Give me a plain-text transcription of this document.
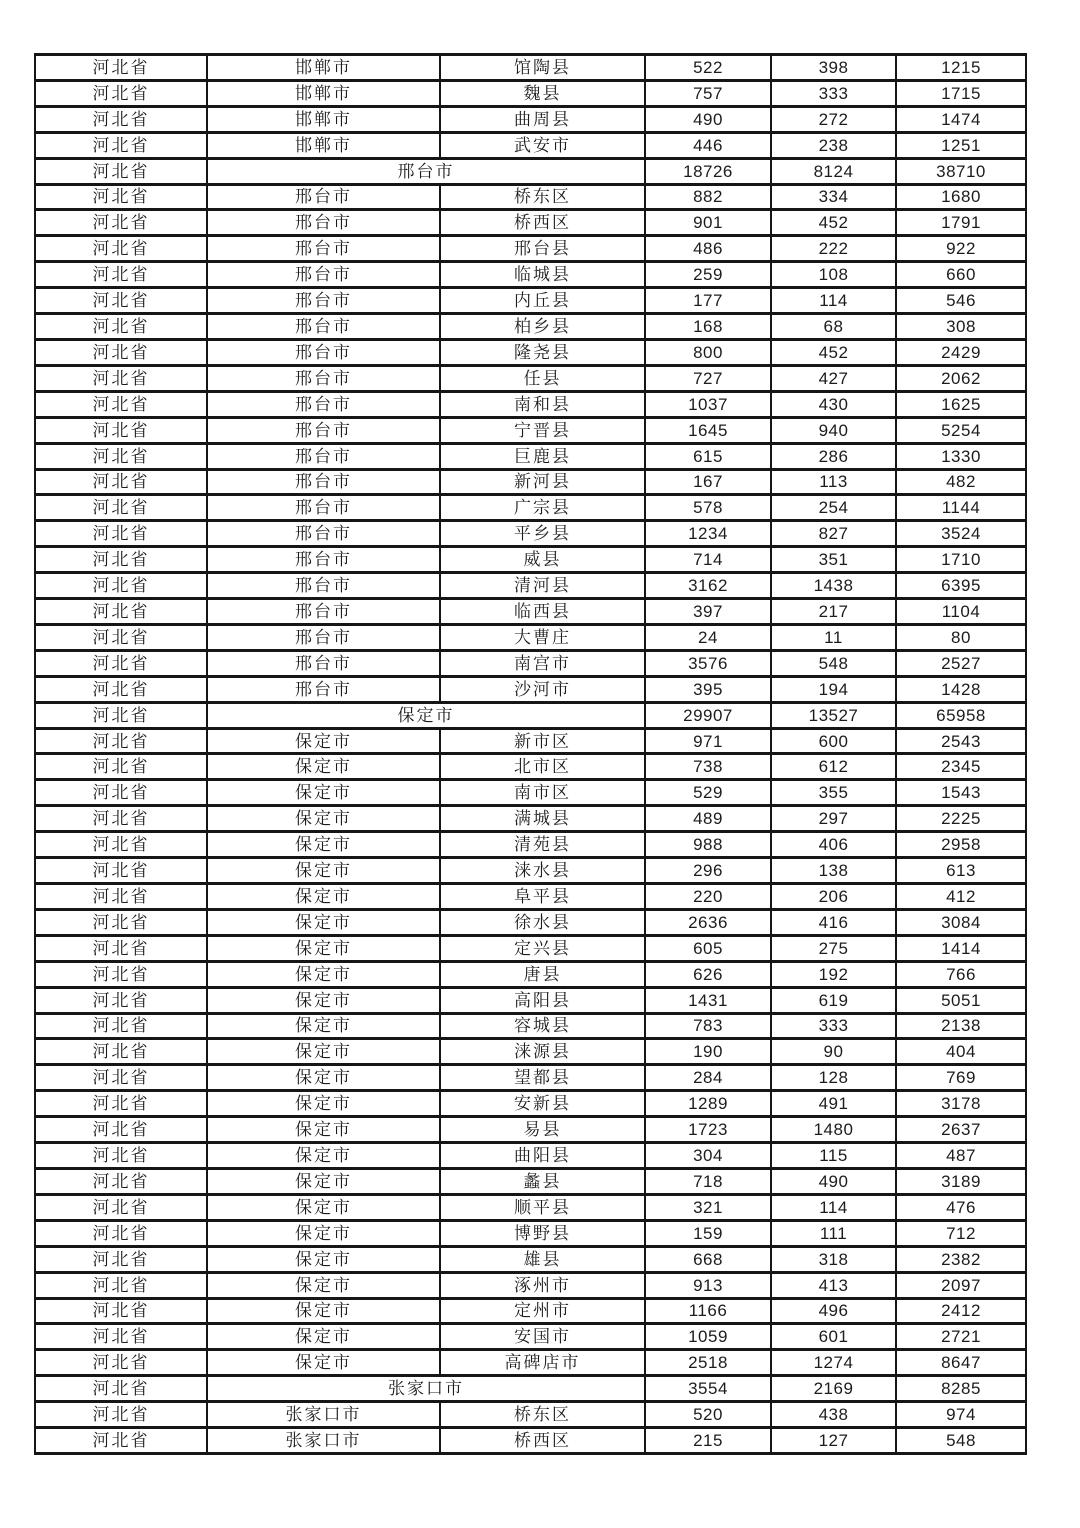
河北省	邯郸市	馆陶县	522	398	1215
河北省	邯郸市	魏县	757	333	1715
河北省	邯郸市	曲周县	490	272	1474
河北省	邯郸市	武安市	446	238	1251
河北省	邢台市		18726	8124	38710
河北省	邢台市	桥东区	882	334	1680
河北省	邢台市	桥西区	901	452	1791
河北省	邢台市	邢台县	486	222	922
河北省	邢台市	临城县	259	108	660
河北省	邢台市	内丘县	177	114	546
河北省	邢台市	柏乡县	168	68	308
河北省	邢台市	隆尧县	800	452	2429
河北省	邢台市	任县	727	427	2062
河北省	邢台市	南和县	1037	430	1625
河北省	邢台市	宁晋县	1645	940	5254
河北省	邢台市	巨鹿县	615	286	1330
河北省	邢台市	新河县	167	113	482
河北省	邢台市	广宗县	578	254	1144
河北省	邢台市	平乡县	1234	827	3524
河北省	邢台市	威县	714	351	1710
河北省	邢台市	清河县	3162	1438	6395
河北省	邢台市	临西县	397	217	1104
河北省	邢台市	大曹庄	24	11	80
河北省	邢台市	南宫市	3576	548	2527
河北省	邢台市	沙河市	395	194	1428
河北省	保定市		29907	13527	65958
河北省	保定市	新市区	971	600	2543
河北省	保定市	北市区	738	612	2345
河北省	保定市	南市区	529	355	1543
河北省	保定市	满城县	489	297	2225
河北省	保定市	清苑县	988	406	2958
河北省	保定市	涞水县	296	138	613
河北省	保定市	阜平县	220	206	412
河北省	保定市	徐水县	2636	416	3084
河北省	保定市	定兴县	605	275	1414
河北省	保定市	唐县	626	192	766
河北省	保定市	高阳县	1431	619	5051
河北省	保定市	容城县	783	333	2138
河北省	保定市	涞源县	190	90	404
河北省	保定市	望都县	284	128	769
河北省	保定市	安新县	1289	491	3178
河北省	保定市	易县	1723	1480	2637
河北省	保定市	曲阳县	304	115	487
河北省	保定市	蠡县	718	490	3189
河北省	保定市	顺平县	321	114	476
河北省	保定市	博野县	159	111	712
河北省	保定市	雄县	668	318	2382
河北省	保定市	涿州市	913	413	2097
河北省	保定市	定州市	1166	496	2412
河北省	保定市	安国市	1059	601	2721
河北省	保定市	高碑店市	2518	1274	8647
河北省	张家口市		3554	2169	8285
河北省	张家口市	桥东区	520	438	974
河北省	张家口市	桥西区	215	127	548
